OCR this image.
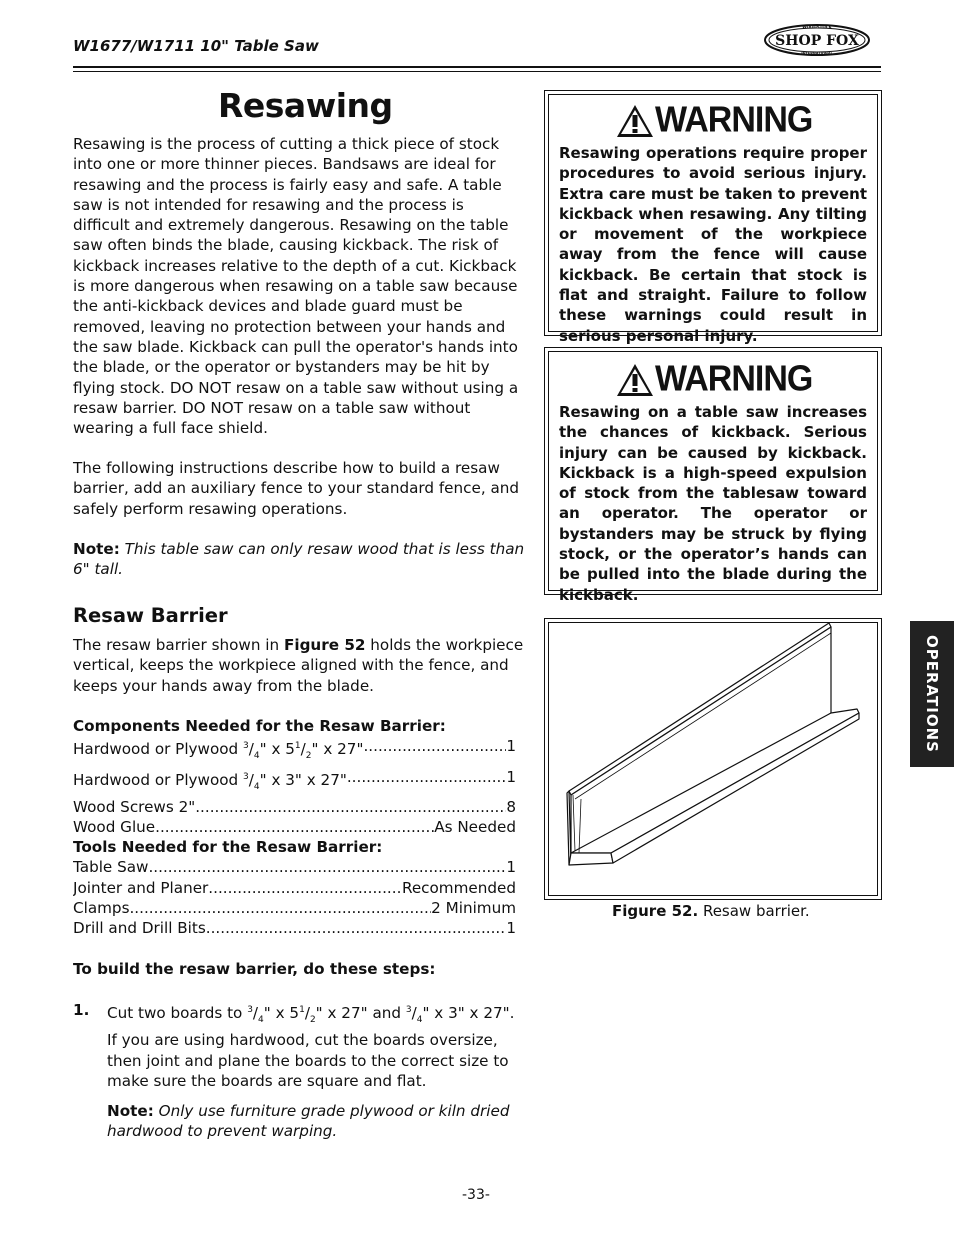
W1677/W1711 10" Table Saw
WOODSTOCK
SHOP FOX
INTERNATIONAL
Resawing

Resawing is the process of cutting a thick piece of stock into one or more thinner pieces. Bandsaws are ideal for resawing and the process is fairly easy and safe. A table saw is not intended for resawing and the process is difficult and extremely dangerous. Resawing on the table saw often binds the blade, causing kickback. The risk of kickback increases relative to the depth of a cut. Kickback is more dangerous when resawing on a table saw because the anti-kickback devices and blade guard must be removed, leaving no protection between your hands and the saw blade. Kickback can pull the operator's hands into the blade, or the operator or bystanders may be hit by flying stock. DO NOT resaw on a table saw without using a resaw barrier. DO NOT resaw on a table saw without wearing a full face shield.

The following instructions describe how to build a resaw barrier, add an auxiliary fence to your standard fence, and safely perform resawing operations.

Note: This table saw can only resaw wood that is less than 6" tall.

Resaw Barrier

The resaw barrier shown in Figure 52 holds the workpiece vertical, keeps the workpiece aligned with the fence, and keeps your hands away from the blade.

Components Needed for the Resaw Barrier:
Hardwood or Plywood $^3/_4$" x $5^1/_2$" x 27" .....	1
Hardwood or Plywood $^3/_4$" x 3" x 27" .....	1
Wood Screws 2" .....	8
Wood Glue .....	As Needed
Tools Needed for the Resaw Barrier:
Table Saw .....	1
Jointer and Planer .....	Recommended
Clamps .....	2 Minimum
Drill and Drill Bits .....	1
To build the resaw barrier, do these steps:
1. Cut two boards to $^3/_4$" x $5^1/_2$" x 27" and $^3/_4$" x 3" x 27". If you are using hardwood, cut the boards oversize, then joint and plane the boards to the correct size to make sure the boards are square and flat.
Note: Only use furniture grade plywood or kiln dried hardwood to prevent warping.
WARNING
Resawing operations require proper procedures to avoid serious injury. Extra care must be taken to prevent kickback when resawing. Any tilting or movement of the workpiece away from the fence will cause kickback. Be certain that stock is flat and straight. Failure to follow these warnings could result in serious personal injury.
WARNING
Resawing on a table saw increases the chances of kickback. Serious injury can be caused by kickback. Kickback is a high-speed expulsion of stock from the tablesaw toward an operator. The operator or bystanders may be struck by flying stock, or the operator’s hands can be pulled into the blade during the kickback.
Figure 52. Resaw barrier.
OPERATIONS
-33-
